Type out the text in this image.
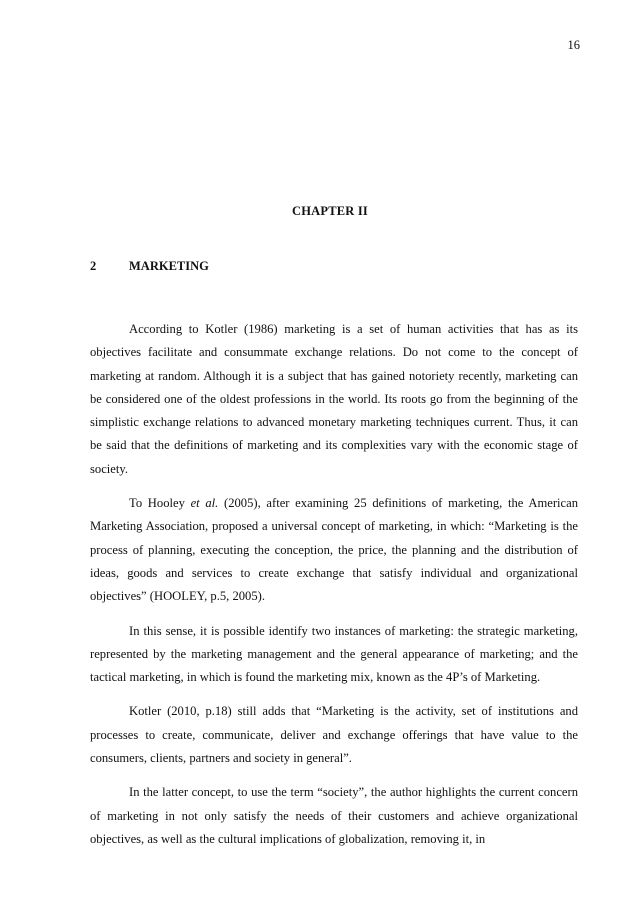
16
CHAPTER II
2	MARKETING

According to Kotler (1986) marketing is a set of human activities that has as its objectives facilitate and consummate exchange relations. Do not come to the concept of marketing at random. Although it is a subject that has gained notoriety recently, marketing can be considered one of the oldest professions in the world. Its roots go from the beginning of the simplistic exchange relations to advanced monetary marketing techniques current. Thus, it can be said that the definitions of marketing and its complexities vary with the economic stage of society.

To Hooley et al. (2005), after examining 25 definitions of marketing, the American Marketing Association, proposed a universal concept of marketing, in which: “Marketing is the process of planning, executing the conception, the price, the planning and the distribution of ideas, goods and services to create exchange that satisfy individual and organizational objectives” (HOOLEY, p.5, 2005).

In this sense, it is possible identify two instances of marketing: the strategic marketing, represented by the marketing management and the general appearance of marketing; and the tactical marketing, in which is found the marketing mix, known as the 4P’s of Marketing.

Kotler (2010, p.18) still adds that “Marketing is the activity, set of institutions and processes to create, communicate, deliver and exchange offerings that have value to the consumers, clients, partners and society in general”.

In the latter concept, to use the term “society”, the author highlights the current concern of marketing in not only satisfy the needs of their customers and achieve organizational objectives, as well as the cultural implications of globalization, removing it, in
